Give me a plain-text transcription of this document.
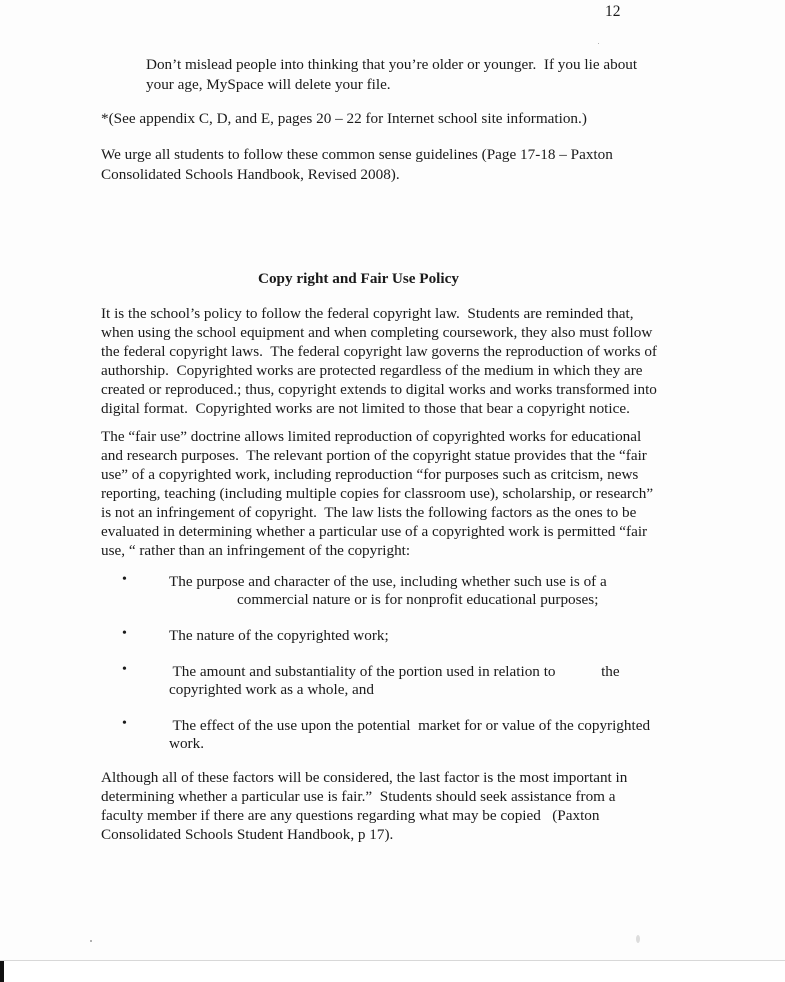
12
Don’t mislead people into thinking that you’re older or younger.  If you lie about
your age, MySpace will delete your file.
*(See appendix C, D, and E, pages 20 – 22 for Internet school site information.)
We urge all students to follow these common sense guidelines (Page 17-18 – Paxton
Consolidated Schools Handbook, Revised 2008).
Copy right and Fair Use Policy
It is the school’s policy to follow the federal copyright law.  Students are reminded that,
when using the school equipment and when completing coursework, they also must follow
the federal copyright laws.  The federal copyright law governs the reproduction of works of
authorship.  Copyrighted works are protected regardless of the medium in which they are
created or reproduced.; thus, copyright extends to digital works and works transformed into
digital format.  Copyrighted works are not limited to those that bear a copyright notice.
The “fair use” doctrine allows limited reproduction of copyrighted works for educational
and research purposes.  The relevant portion of the copyright statue provides that the “fair
use” of a copyrighted work, including reproduction “for purposes such as critcism, news
reporting, teaching (including multiple copies for classroom use), scholarship, or research”
is not an infringement of copyright.  The law lists the following factors as the ones to be
evaluated in determining whether a particular use of a copyrighted work is permitted “fair
use, “ rather than an infringement of the copyright:
•	The purpose and character of the use, including whether such use is of a
commercial nature or is for nonprofit educational purposes;
•	The nature of the copyrighted work;
•	The amount and substantiality of the portion used in relation to            the
copyrighted work as a whole, and
•	The effect of the use upon the potential  market for or value of the copyrighted
work.
Although all of these factors will be considered, the last factor is the most important in
determining whether a particular use is fair.”  Students should seek assistance from a
faculty member if there are any questions regarding what may be copied   (Paxton
Consolidated Schools Student Handbook, p 17).
